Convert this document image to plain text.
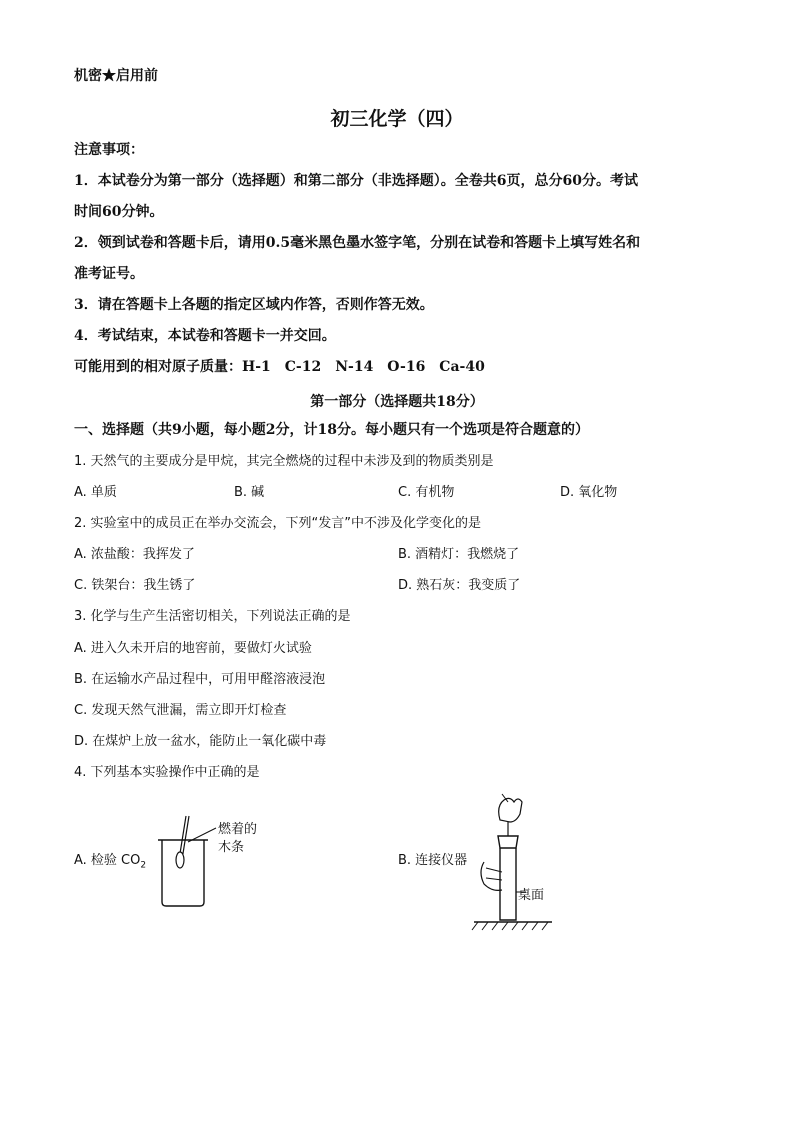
机密★启用前
初三化学（四）
注意事项：
1．本试卷分为第一部分（选择题）和第二部分（非选择题）。全卷共6页，总分60分。考试
时间60分钟。
2．领到试卷和答题卡后，请用0.5毫米黑色墨水签字笔，分别在试卷和答题卡上填写姓名和
准考证号。
3．请在答题卡上各题的指定区域内作答，否则作答无效。
4．考试结束，本试卷和答题卡一并交回。
可能用到的相对原子质量：H-1　C-12　N-14　O-16　Ca-40
第一部分（选择题共18分）
一、选择题（共9小题，每小题2分，计18分。每小题只有一个选项是符合题意的）
1. 天然气的主要成分是甲烷，其完全燃烧的过程中未涉及到的物质类别是
A. 单质	B. 碱	C. 有机物	D. 氧化物
2. 实验室中的成员正在举办交流会，下列“发言”中不涉及化学变化的是
A. 浓盐酸：我挥发了	B. 酒精灯：我燃烧了
C. 铁架台：我生锈了	D. 熟石灰：我变质了
3. 化学与生产生活密切相关，下列说法正确的是
A. 进入久未开启的地窖前，要做灯火试验
B. 在运输水产品过程中，可用甲醛溶液浸泡
C. 发现天然气泄漏，需立即开灯检查
D. 在煤炉上放一盆水，能防止一氧化碳中毒
4. 下列基本实验操作中正确的是
A. 检验 $CO_2$
燃着的
木条
B. 连接仪器
桌面
